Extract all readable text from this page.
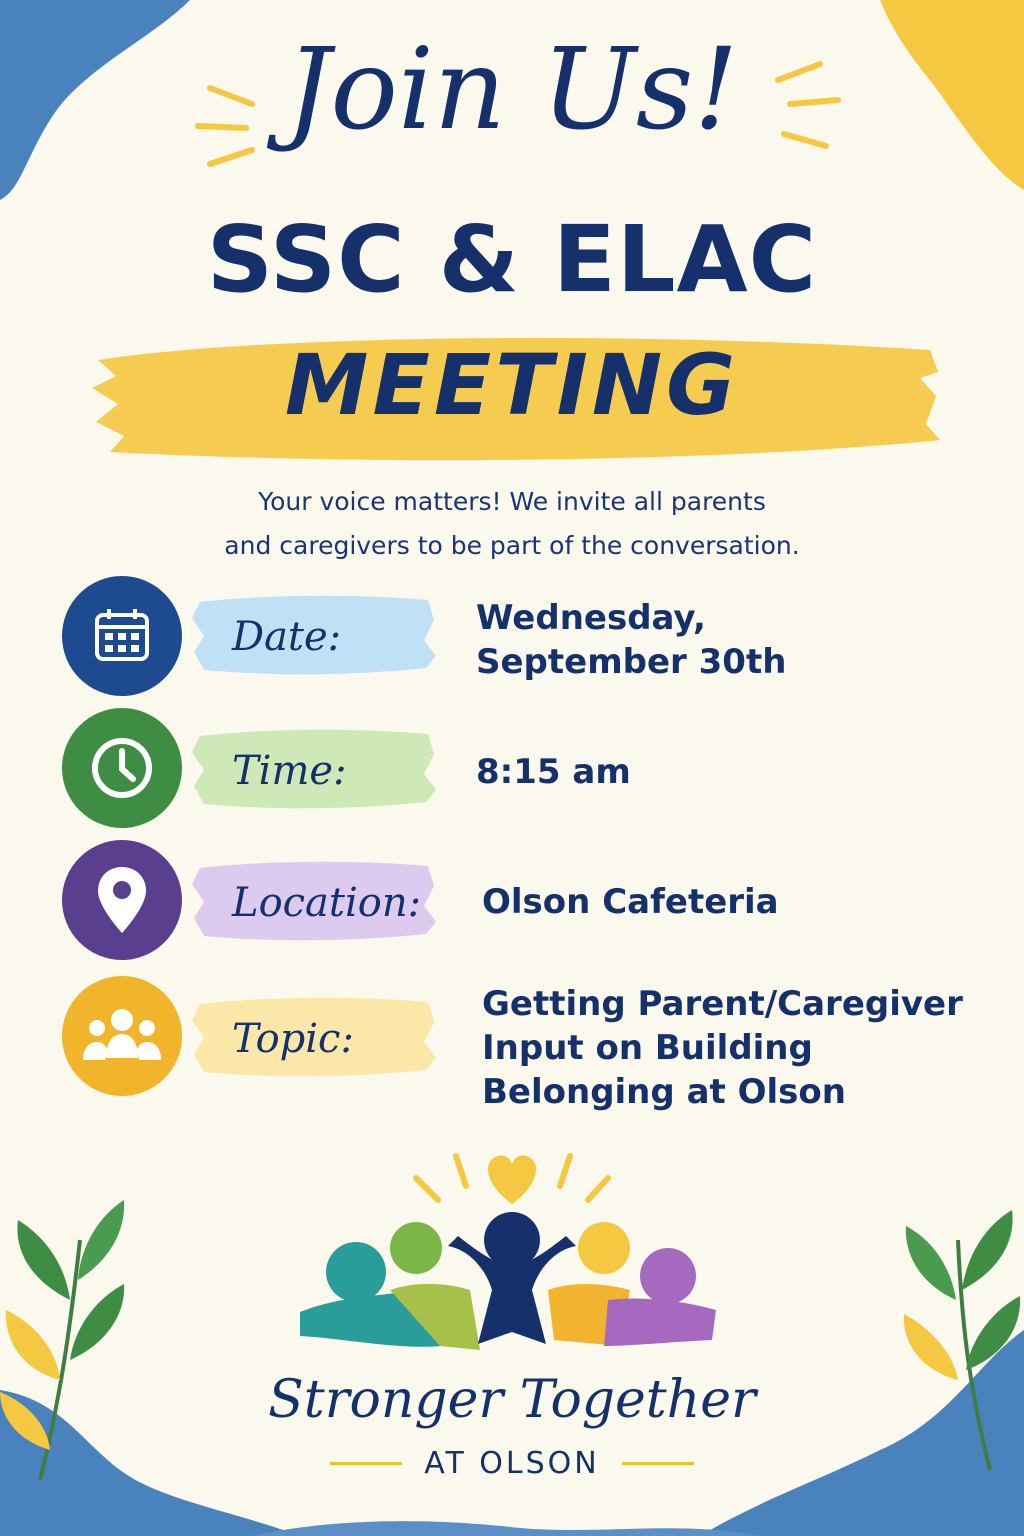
Join Us!
SSC & ELAC
MEETING
Your voice matters! We invite all parents
and caregivers to be part of the conversation.
Date:	Wednesday,
September 30th
Time:	8:15 am
Location: Olson Cafeteria
Topic:
Getting Parent/Caregiver
Input on Building
Belonging at Olson
Stronger Together
AT OLSON
